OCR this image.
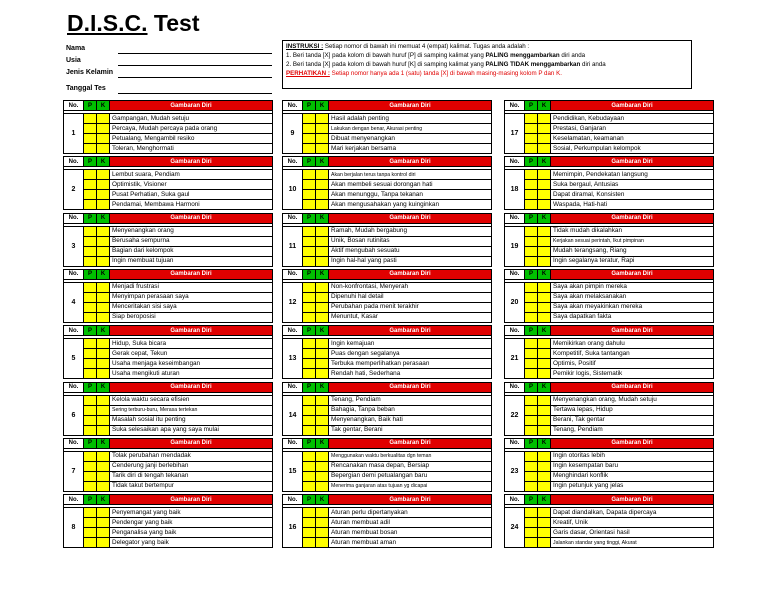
D.I.S.C. Test
Nama
Usia
Jenis Kelamin
Tanggal Tes
INSTRUKSI : Setiap nomor di bawah ini memuat 4 (empat) kalimat. Tugas anda adalah :
1. Beri tanda [X] pada kolom di bawah huruf [P] di samping kalimat yang PALING menggambarkan diri anda
2. Beri tanda [X] pada kolom di bawah huruf [K] di samping kalimat yang PALING TIDAK menggambarkan diri anda
PERHATIKAN : Setiap nomor hanya ada 1 (satu) tanda [X] di bawah masing-masing kolom P dan K.
No.	P	K	Gambaran Diri

1			Gampangan, Mudah setuju
			Percaya, Mudah percaya pada orang
			Petualang, Mengambil resiko
			Toleran, Menghormati
No.	P	K	Gambaran Diri

2			Lembut suara, Pendiam
			Optimistik, Visioner
			Pusat Perhatian, Suka gaul
			Pendamai, Membawa Harmoni
No.	P	K	Gambaran Diri

3			Menyenangkan orang
			Berusaha sempurna
			Bagian dari kelompok
			Ingin membuat tujuan
No.	P	K	Gambaran Diri

4			Menjadi frustrasi
			Menyimpan perasaan saya
			Menceritakan sisi saya
			Siap beroposisi
No.	P	K	Gambaran Diri

5			Hidup, Suka bicara
			Gerak cepat, Tekun
			Usaha menjaga keseimbangan
			Usaha mengikuti aturan
No.	P	K	Gambaran Diri

6			Kelola waktu secara efisien
			Sering terburu-buru, Merasa tertekan
			Masalah sosial itu penting
			Suka selesaikan apa yang saya mulai
No.	P	K	Gambaran Diri

7			Tolak perubahan mendadak
			Cenderung janji berlebihan
			Tarik diri di tengah tekanan
			Tidak takut bertempur
No.	P	K	Gambaran Diri

8			Penyemangat yang baik
			Pendengar yang baik
			Penganalisa yang baik
			Delegator yang baik
No.	P	K	Gambaran Diri

9			Hasil adalah penting
			Lakukan dengan benar, Akurasi penting
			Dibuat menyenangkan
			Mari kerjakan bersama
No.	P	K	Gambaran Diri

10			Akan berjalan terus tanpa kontrol diri
			Akan membeli sesuai dorongan hati
			Akan menunggu, Tanpa tekanan
			Akan mengusahakan yang kuinginkan
No.	P	K	Gambaran Diri

11			Ramah, Mudah bergabung
			Unik, Bosan rutinitas
			Aktif mengubah sesuatu
			Ingin hal-hal yang pasti
No.	P	K	Gambaran Diri

12			Non-konfrontasi, Menyerah
			Dipenuhi hal detail
			Perubahan pada menit terakhir
			Menuntut, Kasar
No.	P	K	Gambaran Diri

13			Ingin kemajuan
			Puas dengan segalanya
			Terbuka memperlihatkan perasaan
			Rendah hati, Sederhana
No.	P	K	Gambaran Diri

14			Tenang, Pendiam
			Bahagia, Tanpa beban
			Menyenangkan, Baik hati
			Tak gentar, Berani
No.	P	K	Gambaran Diri

15			Menggunakan waktu berkualitas dgn teman
			Rencanakan masa depan, Bersiap
			Bepergian demi petualangan baru
			Menerima ganjaran atas tujuan yg dicapai
No.	P	K	Gambaran Diri

16			Aturan perlu dipertanyakan
			Aturan membuat adil
			Aturan membuat bosan
			Aturan membuat aman
No.	P	K	Gambaran Diri

17			Pendidikan, Kebudayaan
			Prestasi, Ganjaran
			Keselamatan, keamanan
			Sosial, Perkumpulan kelompok
No.	P	K	Gambaran Diri

18			Memimpin, Pendekatan langsung
			Suka bergaul, Antusias
			Dapat diramal, Konsisten
			Waspada, Hati-hati
No.	P	K	Gambaran Diri

19			Tidak mudah dikalahkan
			Kerjakan sesuai perintah, Ikut pimpinan
			Mudah terangsang, Riang
			Ingin segalanya teratur, Rapi
No.	P	K	Gambaran Diri

20			Saya akan pimpin mereka
			Saya akan melaksanakan
			Saya akan meyakinkan mereka
			Saya dapatkan fakta
No.	P	K	Gambaran Diri

21			Memikirkan orang dahulu
			Kompetitif, Suka tantangan
			Optimis, Positif
			Pemikir logis, Sistematik
No.	P	K	Gambaran Diri

22			Menyenangkan orang, Mudah setuju
			Tertawa lepas, Hidup
			Berani, Tak gentar
			Tenang, Pendiam
No.	P	K	Gambaran Diri

23			Ingin otoritas lebih
			Ingin kesempatan baru
			Menghindari konflik
			Ingin petunjuk yang jelas
No.	P	K	Gambaran Diri

24			Dapat diandalkan, Dapata dipercaya
			Kreatif, Unik
			Garis dasar, Orientasi hasil
			Jalankan standar yang tinggi, Akurat
